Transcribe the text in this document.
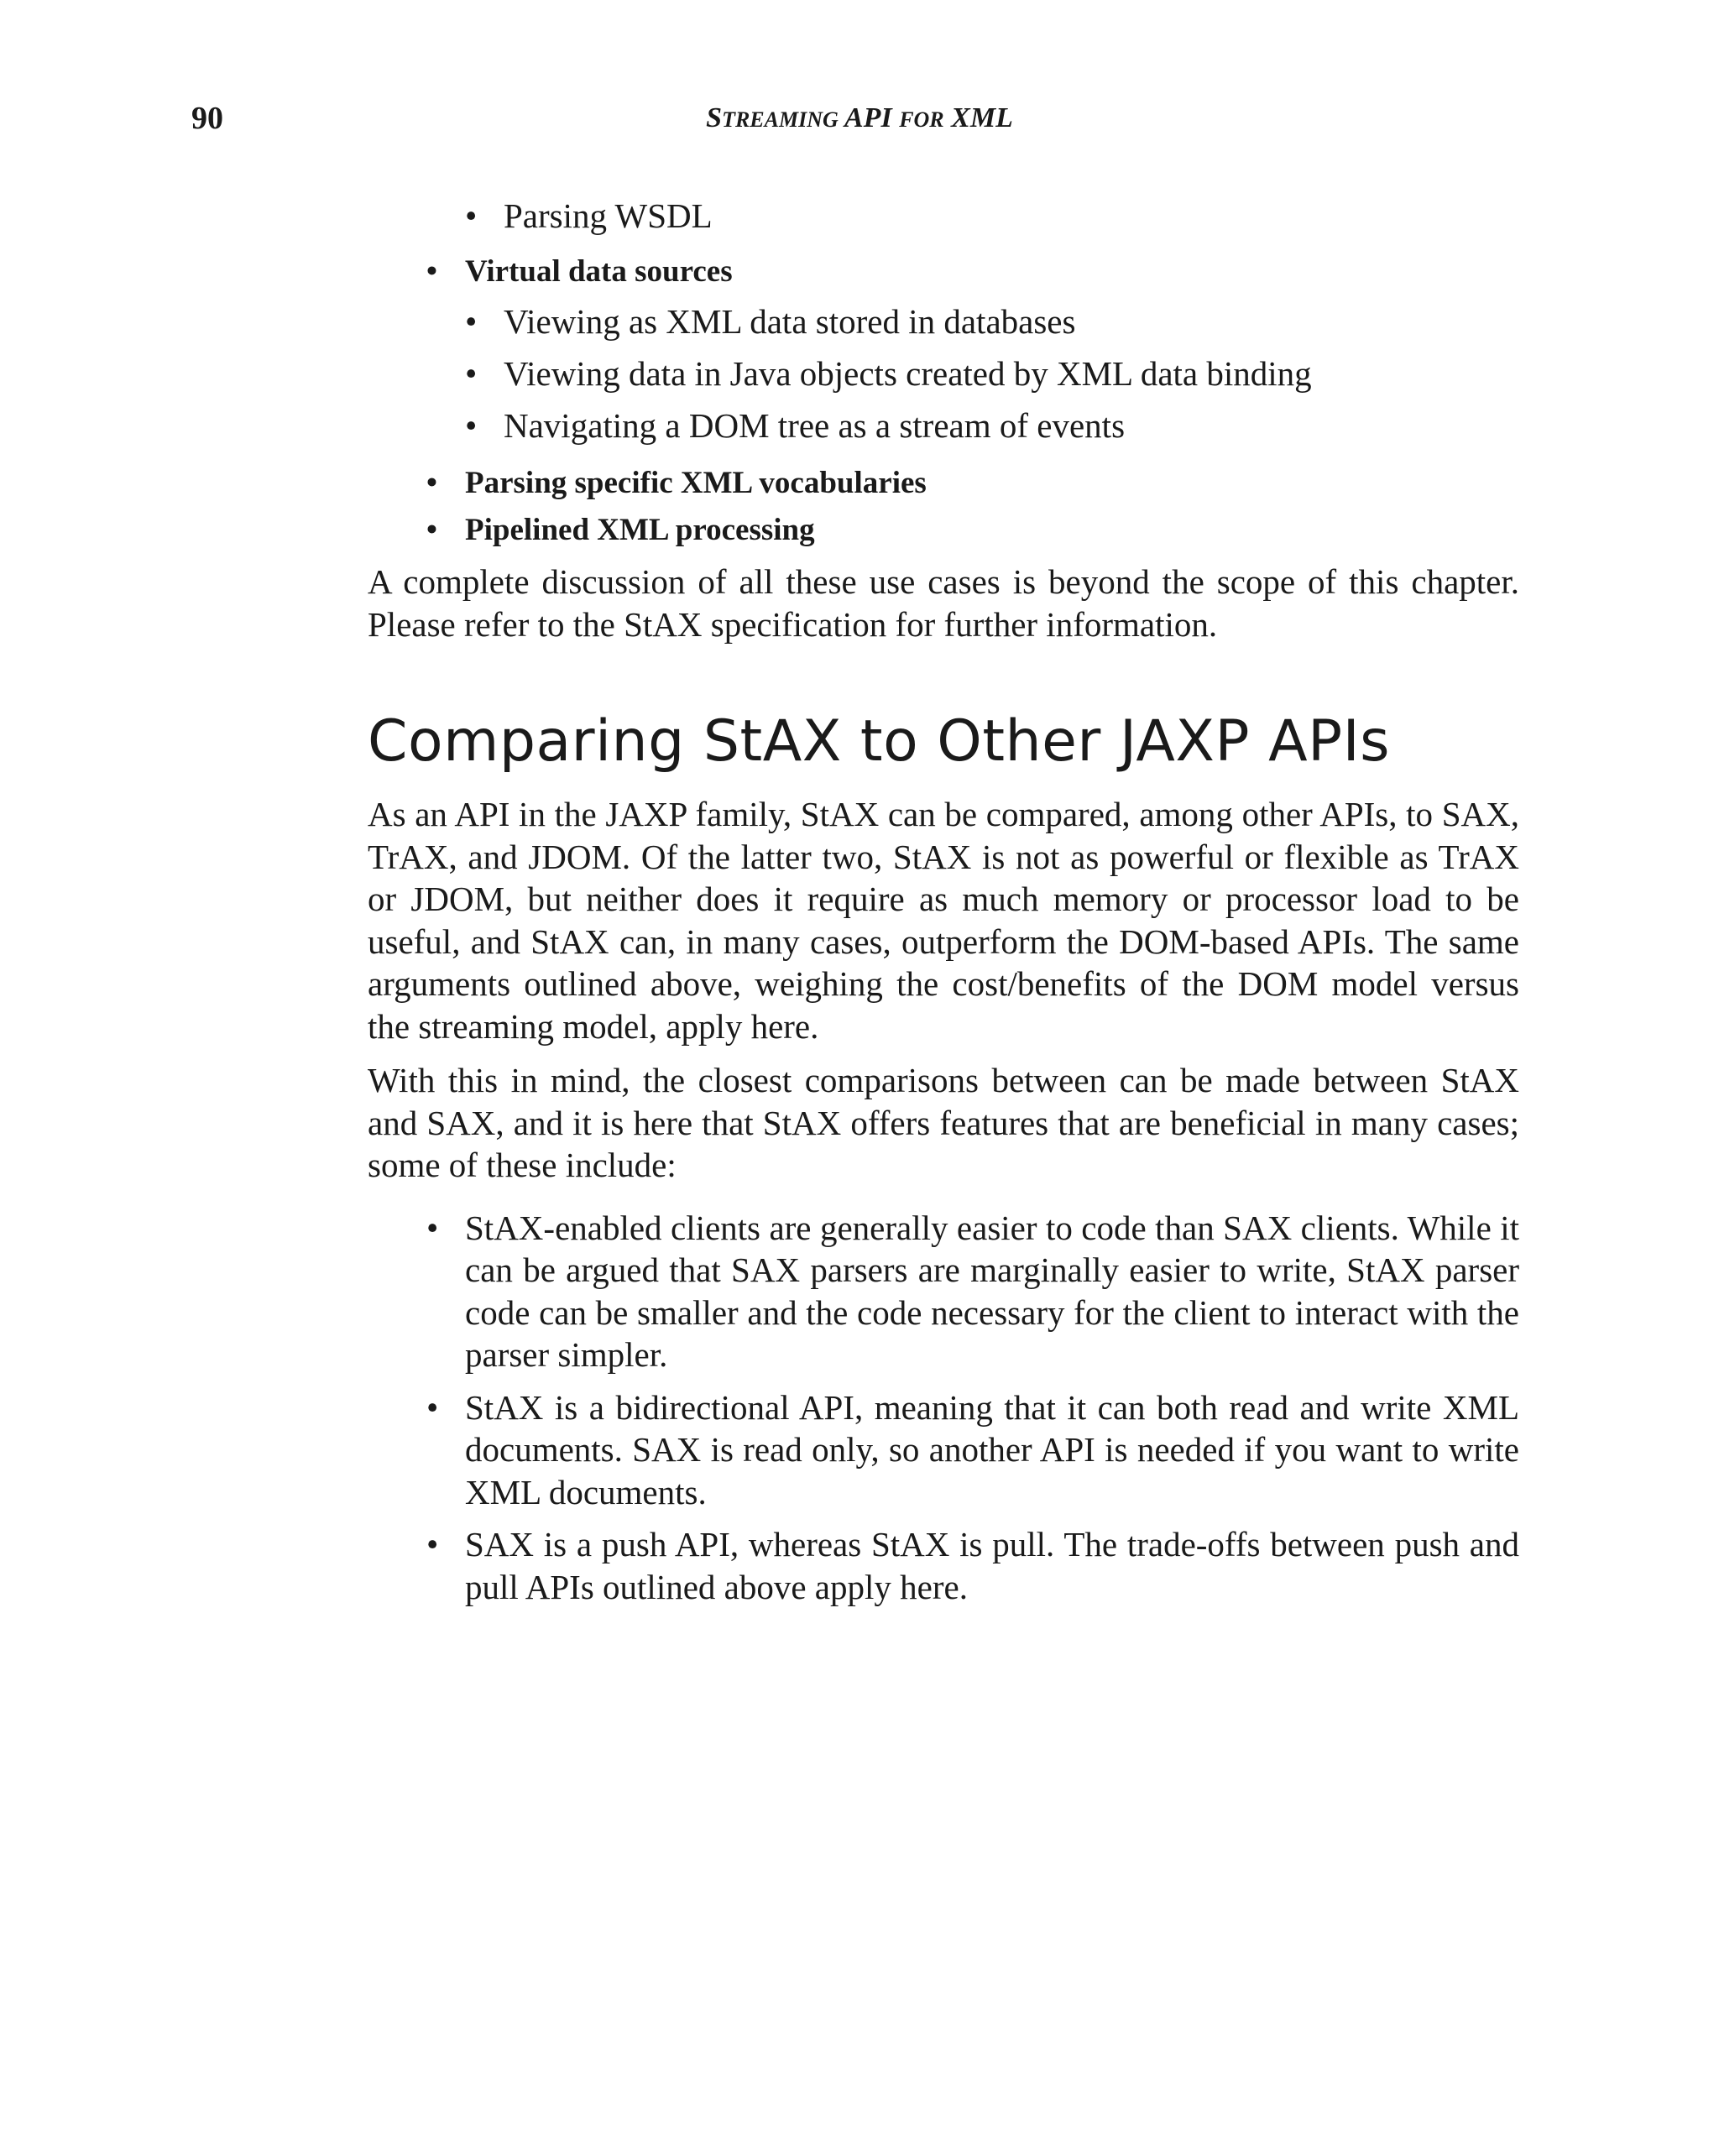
90	STREAMING API FOR XML
• Parsing WSDL
• Virtual data sources
• Viewing as XML data stored in databases
• Viewing data in Java objects created by XML data binding
• Navigating a DOM tree as a stream of events
• Parsing specific XML vocabularies
• Pipelined XML processing

A complete discussion of all these use cases is beyond the scope of this chapter. Please refer to the StAX specification for further information.

Comparing StAX to Other JAXP APIs

As an API in the JAXP family, StAX can be compared, among other APIs, to SAX, TrAX, and JDOM. Of the latter two, StAX is not as powerful or flexible as TrAX or JDOM, but neither does it require as much memory or processor load to be useful, and StAX can, in many cases, outperform the DOM-based APIs. The same arguments outlined above, weighing the cost/benefits of the DOM model versus the streaming model, apply here.

With this in mind, the closest comparisons between can be made between StAX and SAX, and it is here that StAX offers features that are beneficial in many cases; some of these include:

• StAX-enabled clients are generally easier to code than SAX clients. While it can be argued that SAX parsers are marginally easier to write, StAX parser code can be smaller and the code necessary for the client to interact with the parser simpler.
• StAX is a bidirectional API, meaning that it can both read and write XML documents. SAX is read only, so another API is needed if you want to write XML documents.
• SAX is a push API, whereas StAX is pull. The trade-offs between push and pull APIs outlined above apply here.
